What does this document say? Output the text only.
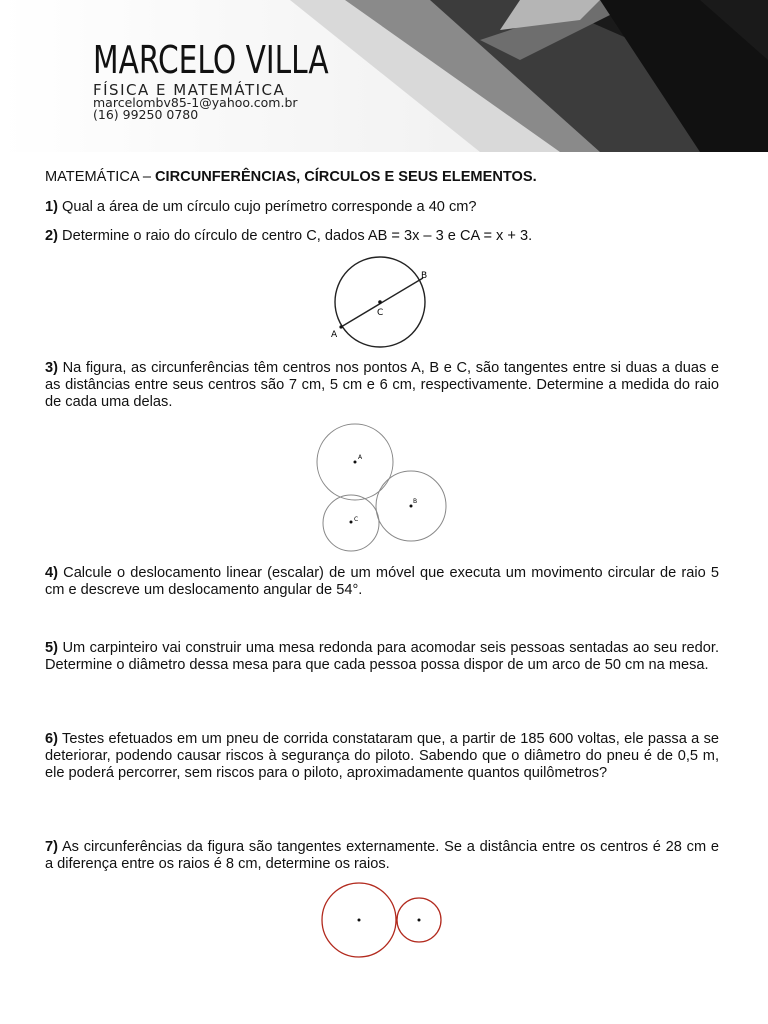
MARCELO VILLA
FÍSICA E MATEMÁTICA
marcelombv85-1@yahoo.com.br
(16) 99250 0780

MATEMÁTICA – CIRCUNFERÊNCIAS, CÍRCULOS E SEUS ELEMENTOS.

1) Qual a área de um círculo cujo perímetro corresponde a 40 cm?

2) Determine o raio do círculo de centro C, dados AB = 3x – 3 e CA = x + 3.

A
B
C

3) Na figura, as circunferências têm centros nos pontos A, B e C, são tangentes entre si duas a duas e as distâncias entre seus centros são 7 cm, 5 cm e 6 cm, respectivamente. Determine a medida do raio de cada uma delas.

A
B
C

4) Calcule o deslocamento linear (escalar) de um móvel que executa um movimento circular de raio 5 cm e descreve um deslocamento angular de 54°.

5) Um carpinteiro vai construir uma mesa redonda para acomodar seis pessoas sentadas ao seu redor. Determine o diâmetro dessa mesa para que cada pessoa possa dispor de um arco de 50 cm na mesa.

6) Testes efetuados em um pneu de corrida constataram que, a partir de 185 600 voltas, ele passa a se deteriorar, podendo causar riscos à segurança do piloto. Sabendo que o diâmetro do pneu é de 0,5 m, ele poderá percorrer, sem riscos para o piloto, aproximadamente quantos quilômetros?

7) As circunferências da figura são tangentes externamente. Se a distância entre os centros é 28 cm e a diferença entre os raios é 8 cm, determine os raios.
